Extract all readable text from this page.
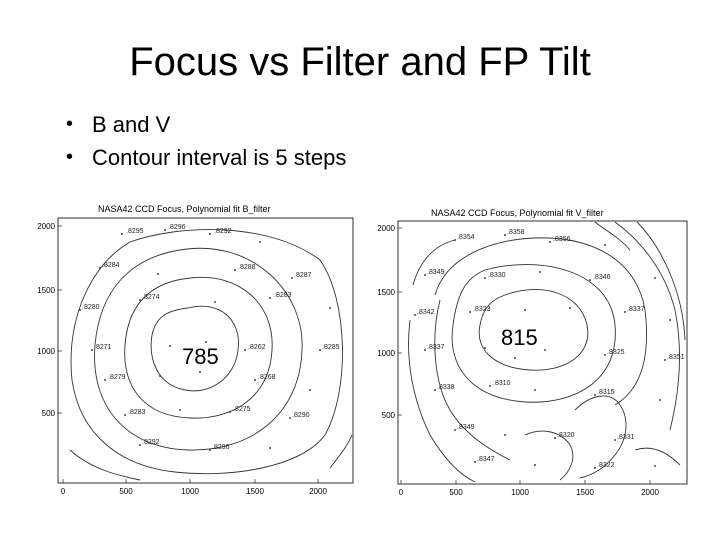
Focus vs Filter and FP Tilt
• B and V
• Contour interval is 5 steps
NASA42 CCD Focus, Polynomial fit B_filter
2000
1500
1000
500
0	500	1000	1500	2000
.8295
.8296
.8292
.8284	.8288
.8287
.8280
.8274	.8283
.8271	.8262	.8285
.8279	.8268
.8283	.8275
.8290
.8292
.8296
785
NASA42 CCD Focus, Polynomial fit V_filter
2000
1500
1000
500
0	500	1000	1500	2000
.8354
.8358
.8356
.8349	.8330	.8346
.8342	.8323	.8337
.8337
.8325
.8351
.8338
.8310
.8315
.8349
.8320	.8331
.8347
.8322
815
